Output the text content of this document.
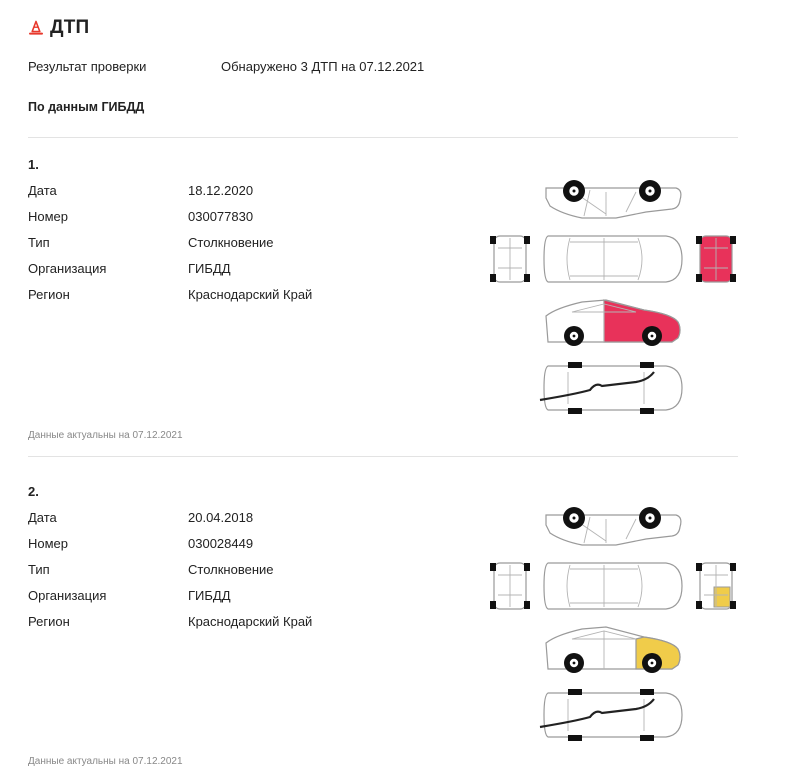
ДТП
Результат проверки	Обнаружено 3 ДТП на 07.12.2021
По данным ГИБДД
1.
Дата	18.12.2020
Номер	030077830
Тип	Столкновение
Организация	ГИБДД
Регион	Краснодарский Край
Данные актуальны на 07.12.2021
2.
Дата	20.04.2018
Номер	030028449
Тип	Столкновение
Организация	ГИБДД
Регион	Краснодарский Край
Данные актуальны на 07.12.2021
